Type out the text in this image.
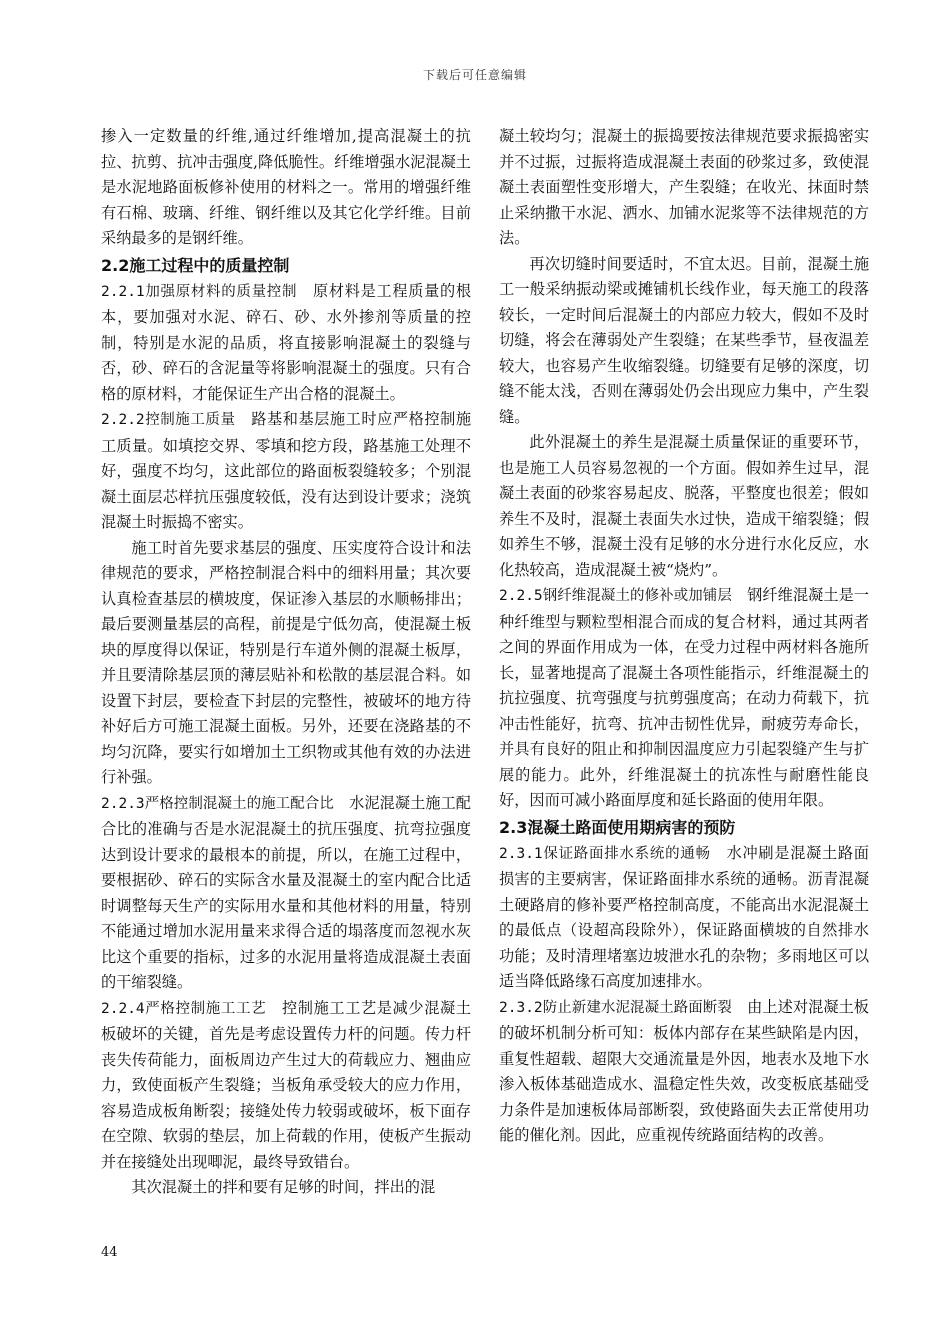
下载后可任意编辑

掺入一定数量的纤维,通过纤维增加,提高混凝土的抗拉、抗剪、抗冲击强度,降低脆性。纤维增强水泥混凝土是水泥地路面板修补使用的材料之一。常用的增强纤维有石棉、玻璃、纤维、钢纤维以及其它化学纤维。目前采纳最多的是钢纤维。

2.2施工过程中的质量控制

2.2.1加强原材料的质量控制  原材料是工程质量的根本，要加强对水泥、碎石、砂、水外掺剂等质量的控制，特别是水泥的品质，将直接影响混凝土的裂缝与否，砂、碎石的含泥量等将影响混凝土的强度。只有合格的原材料，才能保证生产出合格的混凝土。

2.2.2控制施工质量  路基和基层施工时应严格控制施工质量。如填挖交界、零填和挖方段，路基施工处理不好，强度不均匀，这此部位的路面板裂缝较多；个别混凝土面层芯样抗压强度较低，没有达到设计要求；浇筑混凝土时振捣不密实。

施工时首先要求基层的强度、压实度符合设计和法律规范的要求，严格控制混合料中的细料用量；其次要认真检查基层的横坡度，保证渗入基层的水顺畅排出；最后要测量基层的高程，前提是宁低勿高，使混凝土板块的厚度得以保证，特别是行车道外侧的混凝土板厚，并且要清除基层顶的薄层贴补和松散的基层混合料。如设置下封层，要检查下封层的完整性，被破坏的地方待补好后方可施工混凝土面板。另外，还要在浇路基的不均匀沉降，要实行如增加土工织物或其他有效的办法进行补强。

2.2.3严格控制混凝土的施工配合比  水泥混凝土施工配合比的准确与否是水泥混凝土的抗压强度、抗弯拉强度达到设计要求的最根本的前提，所以，在施工过程中，要根据砂、碎石的实际含水量及混凝土的室内配合比适时调整每天生产的实际用水量和其他材料的用量，特别不能通过增加水泥用量来求得合适的塌落度而忽视水灰比这个重要的指标，过多的水泥用量将造成混凝土表面的干缩裂缝。

2.2.4严格控制施工工艺  控制施工工艺是减少混凝土板破坏的关键，首先是考虑设置传力杆的问题。传力杆丧失传荷能力，面板周边产生过大的荷载应力、翘曲应力，致使面板产生裂缝；当板角承受较大的应力作用，容易造成板角断裂；接缝处传力较弱或破坏，板下面存在空隙、软弱的垫层，加上荷载的作用，使板产生振动并在接缝处出现唧泥，最终导致错台。

其次混凝土的拌和要有足够的时间，拌出的混

凝土较均匀；混凝土的振捣要按法律规范要求振捣密实并不过振，过振将造成混凝土表面的砂浆过多，致使混凝土表面塑性变形增大，产生裂缝；在收光、抹面时禁止采纳撒干水泥、洒水、加铺水泥浆等不法律规范的方法。

再次切缝时间要适时，不宜太迟。目前，混凝土施工一般采纳振动梁或摊铺机长线作业，每天施工的段落较长，一定时间后混凝土的内部应力较大，假如不及时切缝，将会在薄弱处产生裂缝；在某些季节，昼夜温差较大，也容易产生收缩裂缝。切缝要有足够的深度，切缝不能太浅，否则在薄弱处仍会出现应力集中，产生裂缝。

此外混凝土的养生是混凝土质量保证的重要环节，也是施工人员容易忽视的一个方面。假如养生过早，混凝土表面的砂浆容易起皮、脱落，平整度也很差；假如养生不及时，混凝土表面失水过快，造成干缩裂缝；假如养生不够，混凝土没有足够的水分进行水化反应，水化热较高，造成混凝土被“烧灼”。

2.2.5钢纤维混凝土的修补或加铺层  钢纤维混凝土是一种纤维型与颗粒型相混合而成的复合材料，通过其两者之间的界面作用成为一体，在受力过程中两材料各施所长，显著地提高了混凝土各项性能指示，纤维混凝土的抗拉强度、抗弯强度与抗剪强度高；在动力荷载下，抗冲击性能好，抗弯、抗冲击韧性优异，耐疲劳寿命长，并具有良好的阻止和抑制因温度应力引起裂缝产生与扩展的能力。此外，纤维混凝土的抗冻性与耐磨性能良好，因而可减小路面厚度和延长路面的使用年限。

2.3混凝土路面使用期病害的预防

2.3.1保证路面排水系统的通畅  水冲刷是混凝土路面损害的主要病害，保证路面排水系统的通畅。沥青混凝土硬路肩的修补要严格控制高度，不能高出水泥混凝土的最低点（设超高段除外），保证路面横坡的自然排水功能；及时清理堵塞边坡泄水孔的杂物；多雨地区可以适当降低路缘石高度加速排水。

2.3.2防止新建水泥混凝土路面断裂  由上述对混凝土板的破坏机制分析可知：板体内部存在某些缺陷是内因，重复性超载、超限大交通流量是外因，地表水及地下水渗入板体基础造成水、温稳定性失效，改变板底基础受力条件是加速板体局部断裂，致使路面失去正常使用功能的催化剂。因此，应重视传统路面结构的改善。

44
